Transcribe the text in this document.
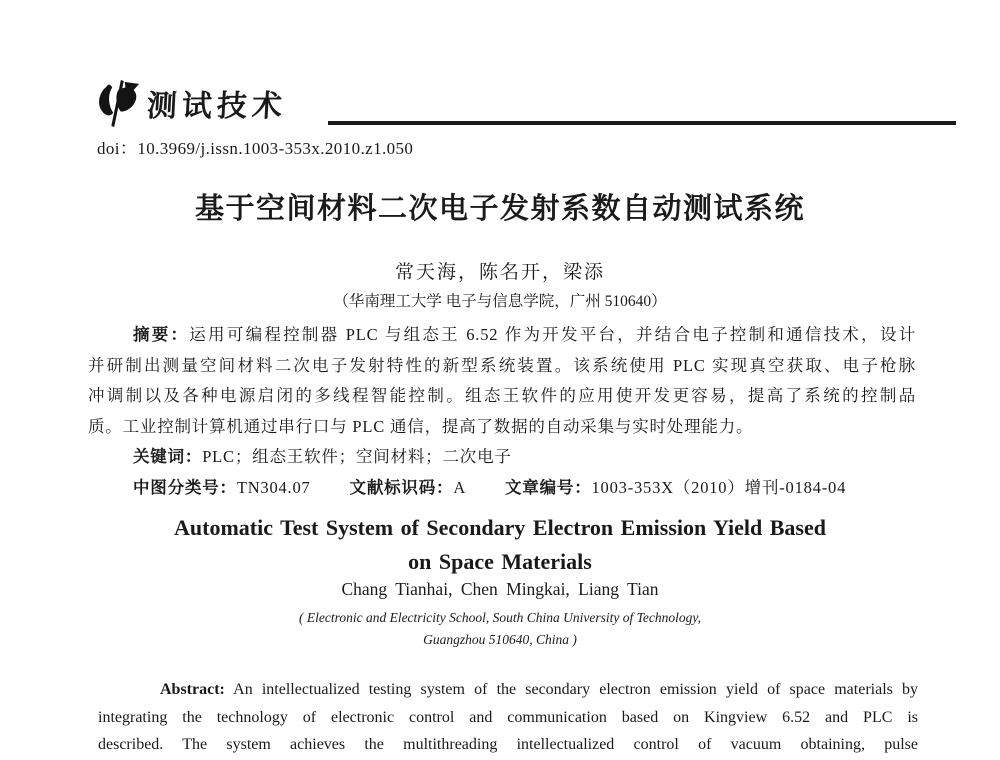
测试技术
doi：10.3969/j.issn.1003-353x.2010.z1.050
基于空间材料二次电子发射系数自动测试系统
常天海，陈名开，梁添
（华南理工大学 电子与信息学院，广州 510640）
摘要：运用可编程控制器 PLC 与组态王 6.52 作为开发平台，并结合电子控制和通信技术，设计
并研制出测量空间材料二次电子发射特性的新型系统装置。该系统使用 PLC 实现真空获取、电子枪脉
冲调制以及各种电源启闭的多线程智能控制。组态王软件的应用使开发更容易，提高了系统的控制品
质。工业控制计算机通过串行口与 PLC 通信，提高了数据的自动采集与实时处理能力。
关键词：PLC；组态王软件；空间材料；二次电子
中图分类号：TN304.07 文献标识码：A 文章编号：1003-353X（2010）增刊-0184-04
Automatic Test System of Secondary Electron Emission Yield Based
on Space Materials
Chang Tianhai, Chen Mingkai, Liang Tian
( Electronic and Electricity School, South China University of Technology,
Guangzhou 510640, China )
Abstract: An intellectualized testing system of the secondary electron emission yield of space materials by
integrating the technology of electronic control and communication based on Kingview 6.52 and PLC is
described. The system achieves the multithreading intellectualized control of vacuum obtaining, pulse
